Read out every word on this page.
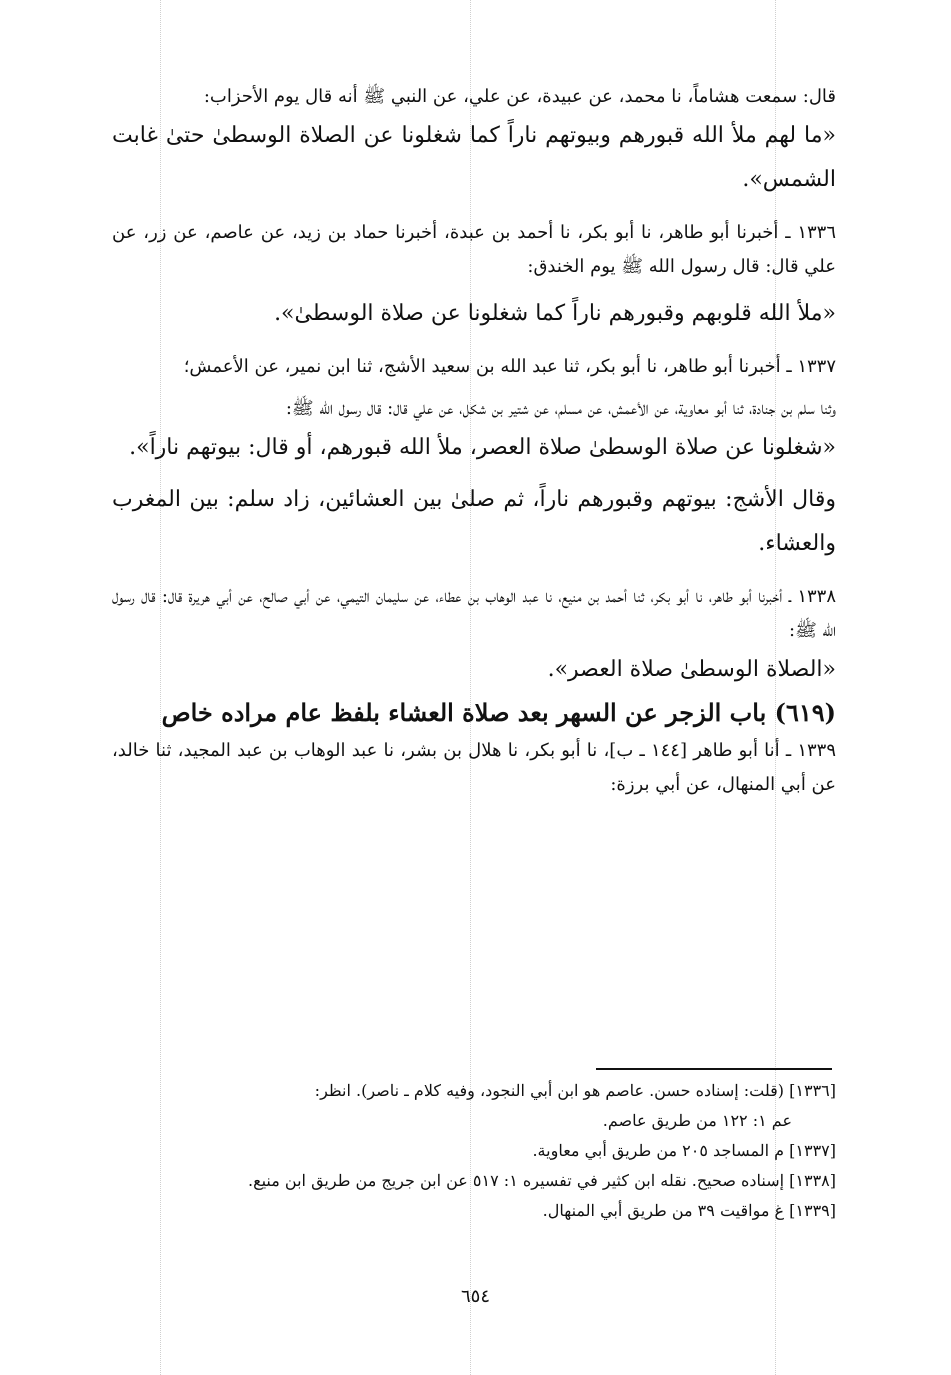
قال: سمعت هشاماً، نا محمد، عن عبيدة، عن علي، عن النبي ﷺ أنه قال يوم الأحزاب:

«ما لهم ملأ الله قبورهم وبيوتهم ناراً كما شغلونا عن الصلاة الوسطىٰ حتىٰ غابت الشمس».

١٣٣٦ ـ أخبرنا أبو طاهر، نا أبو بكر، نا أحمد بن عبدة، أخبرنا حماد بن زيد، عن عاصم، عن زر، عن علي قال: قال رسول الله ﷺ يوم الخندق:

«ملأ الله قلوبهم وقبورهم ناراً كما شغلونا عن صلاة الوسطىٰ».

١٣٣٧ ـ أخبرنا أبو طاهر، نا أبو بكر، ثنا عبد الله بن سعيد الأشج، ثنا ابن نمير، عن الأعمش؛

وثنا سلم بن جنادة، ثنا أبو معاوية، عن الأعمش، عن مسلم، عن شتير بن شكل، عن علي قال: قال رسول الله ﷺ:

«شغلونا عن صلاة الوسطىٰ صلاة العصر، ملأ الله قبورهم، أو قال: بيوتهم ناراً».

وقال الأشج: بيوتهم وقبورهم ناراً، ثم صلىٰ بين العشائين، زاد سلم: بين المغرب والعشاء.

١٣٣٨ ـ أخبرنا أبو طاهر، نا أبو بكر، ثنا أحمد بن منيع، نا عبد الوهاب بن عطاء، عن سليمان التيمي، عن أبي صالح، عن أبي هريرة قال: قال رسول الله ﷺ:

«الصلاة الوسطىٰ صلاة العصر».

(٦١٩) باب الزجر عن السهر بعد صلاة العشاء بلفظ عام مراده خاص

١٣٣٩ ـ أنا أبو طاهر [١٤٤ ـ ب]، نا أبو بكر، نا هلال بن بشر، نا عبد الوهاب بن عبد المجيد، ثنا خالد، عن أبي المنهال، عن أبي برزة:

[١٣٣٦] (قلت: إسناده حسن. عاصم هو ابن أبي النجود، وفيه كلام ـ ناصر). انظر:

عم ١: ١٢٢ من طريق عاصم.

[١٣٣٧] م المساجد ٢٠٥ من طريق أبي معاوية.

[١٣٣٨] إسناده صحيح. نقله ابن كثير في تفسيره ١: ٥١٧ عن ابن جريج من طريق ابن منيع.

[١٣٣٩] غ مواقيت ٣٩ من طريق أبي المنهال.

٦٥٤
